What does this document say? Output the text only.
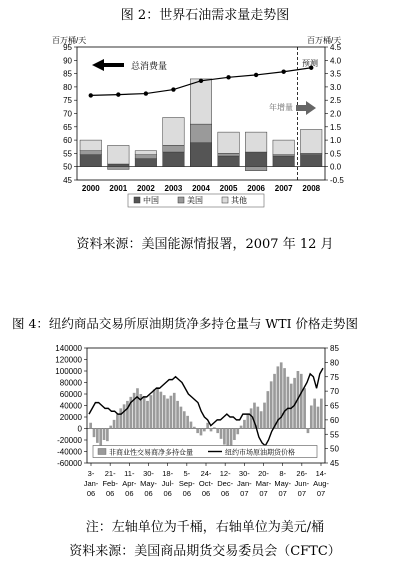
图 2：世界石油需求量走势图
百万桶/天	百万桶/天
45
50
55
60
65
70
75
80
85
90
95
-0.5
0.0
0.5
1.0
1.5
2.0
2.5
3.0
3.5
4.0
4.5
2000 2001 2002 2003 2004 2005 2006 2007 2008
总消费量	预测
年增量
中国	美国	其他
资料来源：美国能源情报署，2007 年 12 月
图 4：纽约商品交易所原油期货净多持仓量与 WTI 价格走势图
140000
120000
100000
80000
60000
40000
20000
0
-20000
-40000
-60000
85
80
75
70
65
60
55
50
45
3-
Jan-
06
21-
Feb-
06
11-
Apr-
06
30-
May-
06
18-
Jul-
06
5-
Sep-
06
24-
Oct-
06
12-
Dec-
06
30-
Jan-
07
20-
Mar-
07
8-
May-
07
26-
Jun-
07
14-
Aug-
07
非商业性交易商净多持仓量	纽约市场原油期货价格
注：左轴单位为千桶，右轴单位为美元/桶
资料来源：美国商品期货交易委员会（CFTC）
